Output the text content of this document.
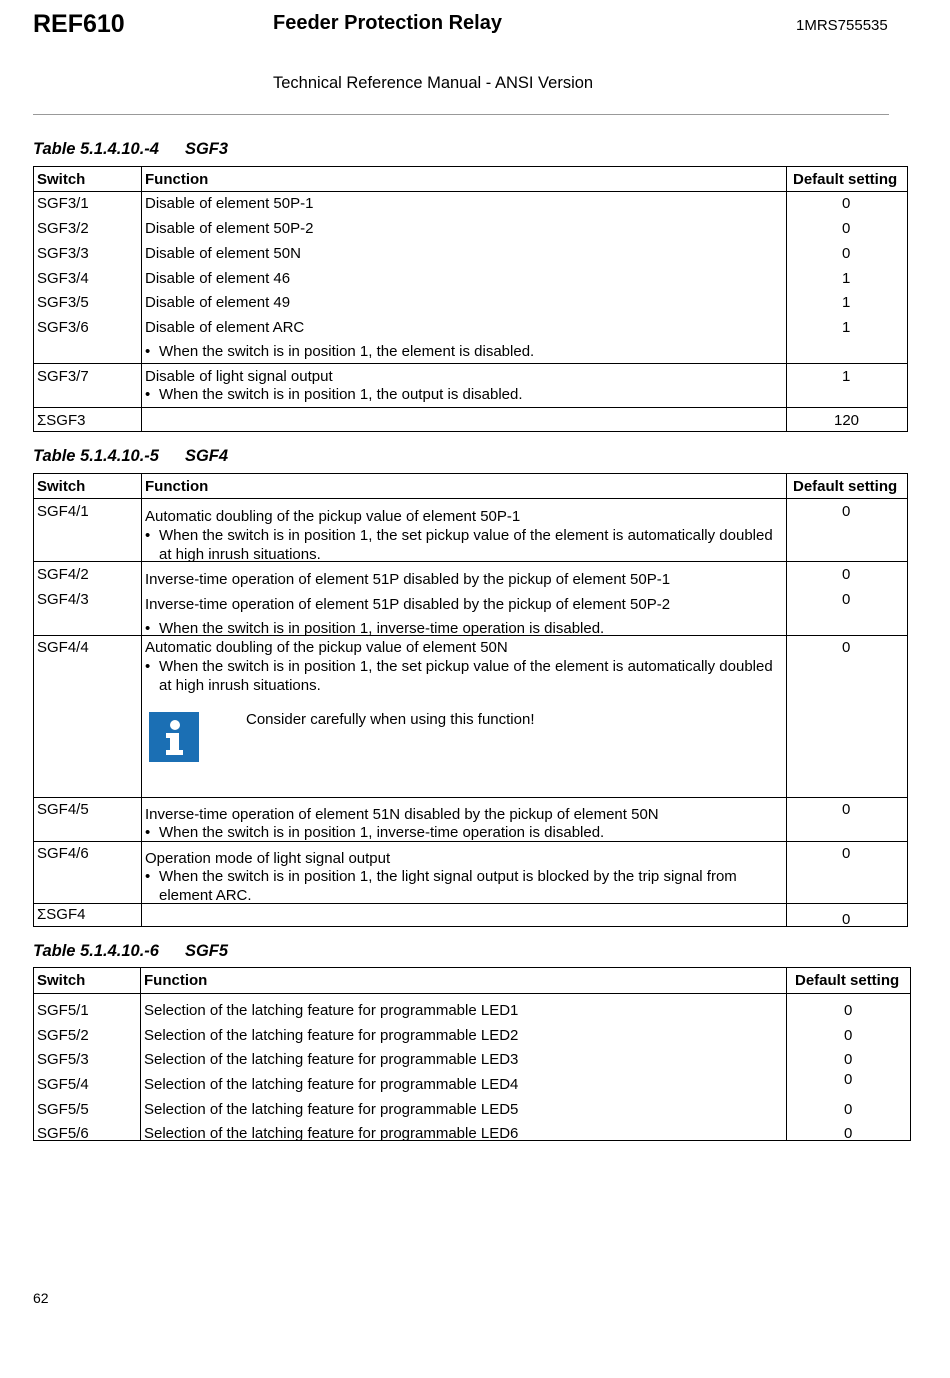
REF610	Feeder Protection Relay	1MRS755535
Technical Reference Manual - ANSI Version
Table 5.1.4.10.-4 SGF3
Switch	Function	Default setting
SGF3/1	Disable of element 50P-1	0
SGF3/2	Disable of element 50P-2	0
SGF3/3	Disable of element 50N	0
SGF3/4	Disable of element 46	1
SGF3/5	Disable of element 49	1
SGF3/6	Disable of element ARC	1
• When the switch is in position 1, the element is disabled.
SGF3/7	Disable of light signal output
• When the switch is in position 1, the output is disabled.
1
ΣSGF3	120
Table 5.1.4.10.-5 SGF4
Switch	Function	Default setting
SGF4/1	Automatic doubling of the pickup value of element 50P-1
• When the switch is in position 1, the set pickup value of the element is automatically doubled
at high inrush situations.
0
SGF4/2	Inverse-time operation of element 51P disabled by the pickup of element 50P-1	0
SGF4/3	Inverse-time operation of element 51P disabled by the pickup of element 50P-2	0
• When the switch is in position 1, inverse-time operation is disabled.
SGF4/4	Automatic doubling of the pickup value of element 50N
• When the switch is in position 1, the set pickup value of the element is automatically doubled
at high inrush situations.
Consider carefully when using this function!
0
SGF4/5	Inverse-time operation of element 51N disabled by the pickup of element 50N
• When the switch is in position 1, inverse-time operation is disabled.
0
SGF4/6	Operation mode of light signal output
• When the switch is in position 1, the light signal output is blocked by the trip signal from
element ARC.
0
ΣSGF4	0
Table 5.1.4.10.-6 SGF5
Switch	Function	Default setting
SGF5/1	Selection of the latching feature for programmable LED1	0
SGF5/2	Selection of the latching feature for programmable LED2	0
SGF5/3	Selection of the latching feature for programmable LED3	0
SGF5/4	Selection of the latching feature for programmable LED4	0
SGF5/5	Selection of the latching feature for programmable LED5	0
SGF5/6	Selection of the latching feature for programmable LED6	0
62
